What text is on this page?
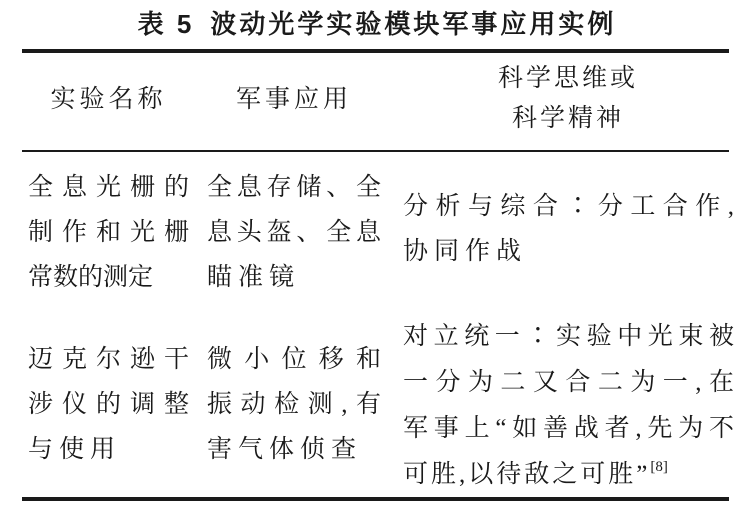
表 5 波动光学实验模块军事应用实例
实验名称	军事应用
科学思维或
科学精神
全息光栅的
制作和光栅
常数的测定
全息存储、全
息头盔、全息
瞄准镜
分析与综合∶分工合作,
协同作战
迈克尔逊干
涉仪的调整
与使用
微小位移和
振动检测,有
害气体侦查
对立统一∶实验中光束被
一分为二又合二为一,在
军事上“如善战者,先为不
可胜,以待敌之可胜”[8]
